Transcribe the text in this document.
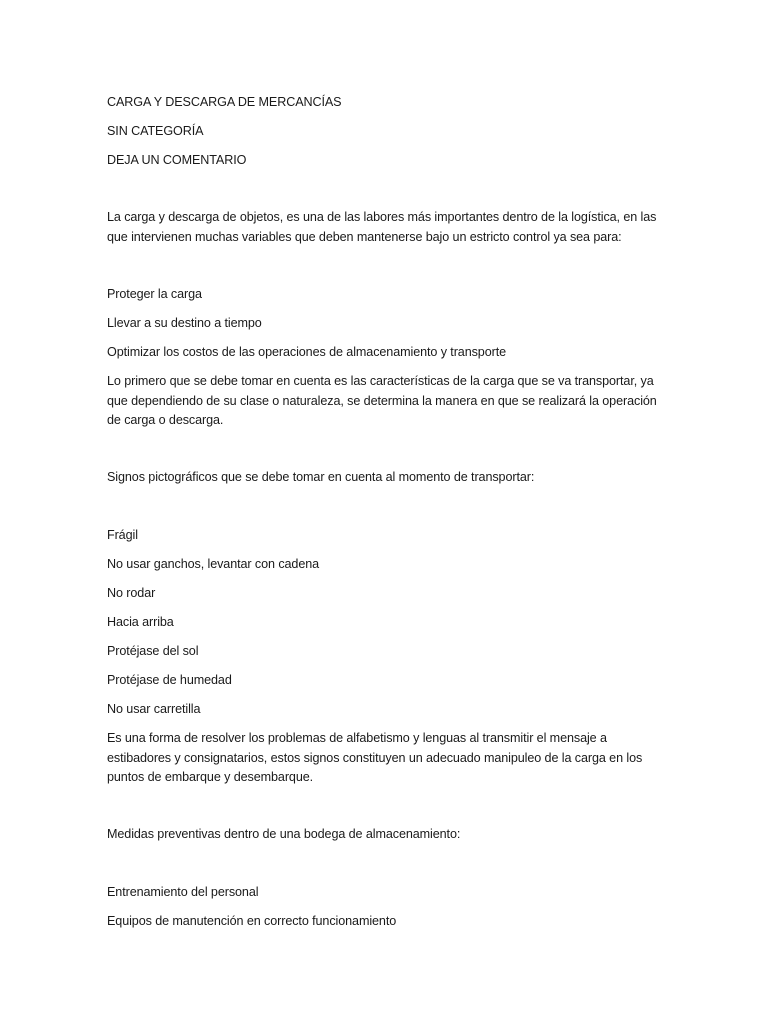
CARGA Y DESCARGA DE MERCANCÍAS
SIN CATEGORÍA
DEJA UN COMENTARIO
La carga y descarga de objetos, es una de las labores más importantes dentro de la logística, en las que intervienen muchas variables que deben mantenerse bajo un estricto control ya sea para:
Proteger la carga
Llevar a su destino a tiempo
Optimizar los costos de las operaciones de almacenamiento y transporte
Lo primero que se debe tomar en cuenta es las características de la carga que se va transportar, ya que dependiendo de su clase o naturaleza, se determina la manera en que se realizará la operación de carga o descarga.
Signos pictográficos que se debe tomar en cuenta al momento de transportar:
Frágil
No usar ganchos, levantar con cadena
No rodar
Hacia arriba
Protéjase del sol
Protéjase de humedad
No usar carretilla
Es una forma de resolver los problemas de alfabetismo y lenguas al transmitir el mensaje a estibadores y consignatarios, estos signos constituyen un adecuado manipuleo de la carga en los puntos de embarque y desembarque.
Medidas preventivas dentro de una bodega de almacenamiento:
Entrenamiento del personal
Equipos de manutención en correcto funcionamiento
